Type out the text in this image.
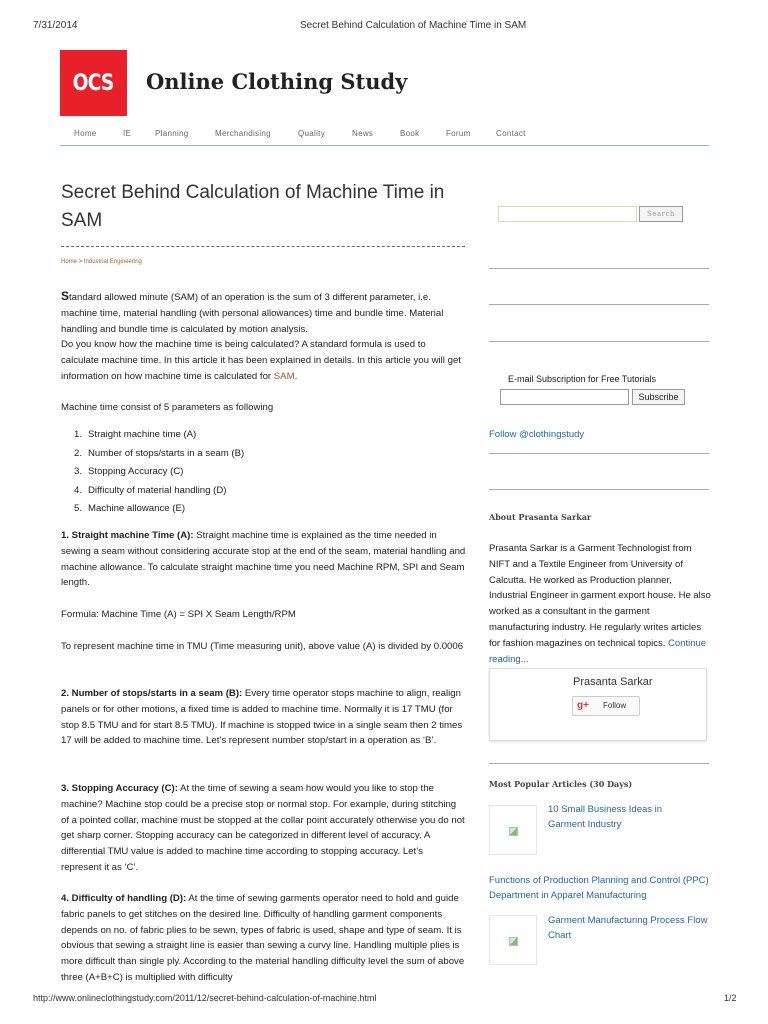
7/31/2014	Secret Behind Calculation of Machine Time in SAM
http://www.onlineclothingstudy.com/2011/12/secret-behind-calculation-of-machine.html	1/2
OCS Online Clothing Study
Home	IE	Planning	Merchandising	Quality	News	Book	Forum	Contact
Secret Behind Calculation of Machine Time in SAM
Home > Industrial Engineering
Standard allowed minute (SAM) of an operation is the sum of 3 different parameter, i.e. machine time, material handling (with personal allowances) time and bundle time. Material handling and bundle time is calculated by motion analysis.
Do you know how the machine time is being calculated? A standard formula is used to calculate machine time. In this article it has been explained in details. In this article you will get information on how machine time is calculated for SAM.
Machine time consist of 5 parameters as following
1. Straight machine time (A)
2. Number of stops/starts in a seam (B)
3. Stopping Accuracy (C)
4. Difficulty of material handling (D)
5. Machine allowance (E)
1. Straight machine Time (A): Straight machine time is explained as the time needed in sewing a seam without considering accurate stop at the end of the seam, material handling and machine allowance. To calculate straight machine time you need Machine RPM, SPI and Seam length.
Formula: Machine Time (A) = SPI X Seam Length/RPM
To represent machine time in TMU (Time measuring unit), above value (A) is divided by 0.0006
2. Number of stops/starts in a seam (B): Every time operator stops machine to align, realign panels or for other motions, a fixed time is added to machine time. Normally it is 17 TMU (for stop 8.5 TMU and for start 8.5 TMU). If machine is stopped twice in a single seam then 2 times 17 will be added to machine time. Let’s represent number stop/start in a operation as ‘B’.
3. Stopping Accuracy (C): At the time of sewing a seam how would you like to stop the machine? Machine stop could be a precise stop or normal stop. For example, during stitching of a pointed collar, machine must be stopped at the collar point accurately otherwise you do not get sharp corner. Stopping accuracy can be categorized in different level of accuracy. A differential TMU value is added to machine time according to stopping accuracy. Let’s represent it as ‘C’.
4. Difficulty of handling (D): At the time of sewing garments operator need to hold and guide fabric panels to get stitches on the desired line. Difficulty of handling garment components depends on no. of fabric plies to be sewn, types of fabric is used, shape and type of seam. It is obvious that sewing a straight line is easier than sewing a curvy line. Handling multiple plies is more difficult than single ply. According to the material handling difficulty level the sum of above three (A+B+C) is multiplied with difficulty
Search
E-mail Subscription for Free Tutorials
Subscribe
Follow @clothingstudy
About Prasanta Sarkar
Prasanta Sarkar is a Garment Technologist from NIFT and a Textile Engineer from University of Calcutta. He worked as Production planner, Industrial Engineer in garment export house. He also worked as a consultant in the garment manufacturing industry. He regularly writes articles for fashion magazines on technical topics. Continue reading...
Prasanta Sarkar
g+ Follow
Most Popular Articles (30 Days)
10 Small Business Ideas in Garment Industry
Functions of Production Planning and Control (PPC) Department in Apparel Manufacturing
Garment Manufacturing Process Flow Chart
